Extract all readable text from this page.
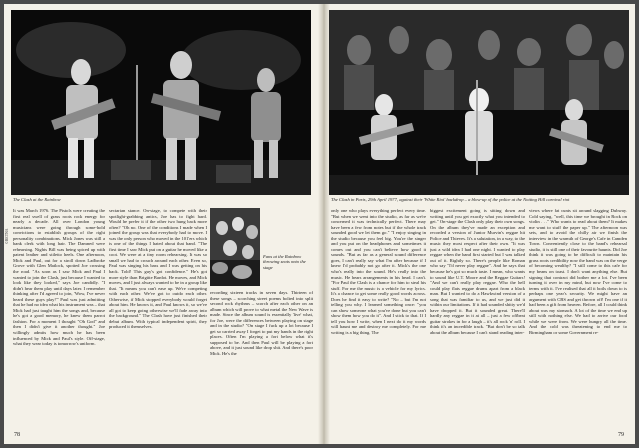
The Clash at the Rainbow
©RETNA
It was March 1976. The Pistols were creating the first real swell of grass roots rock energy for nearly a decade. All over London young musicians were going through some-hold convictions to establish groups of the right personality combinations. Mick Jones was still a bank clerk with long hair. The Damned were rehearsing. Nights Bill was being spiced up with patent leather and stiletto heels. One afternoon, Mick and Paul, out for a stroll down Ladbroke Grove with Glen Matlock, spotted Joe crossing the road. "As soon as I saw Mick and Paul I wanted to join the Clash, just because I wanted to look like they looked," says Joe candidly. "I didn't hear them play until days later. I remember thinking after I'd agreed to join, 'Wow, I've never heard these guys play!'" Paul was just admitting that he had no idea what his instrument was – that Mick had just taught him the songs and, because he's got a good memory, he knew them parrot fashion. For a moment I thought "Oh God" and then I didn't give it another thought." Joe willingly admits how much he has been influenced by Mick and Paul's style. Off-stage, what they wear today is tomorrow's uniform.
sectarian stance. On-stage, to compete with their spotlight-grabbing antics, Joe has to fight hard. Would he prefer it if the other two hung back more often? "Oh no. One of the conditions I made when I joined the group was that everybody had to move. I was the only person who moved in the 101'ers which is one of the things I hated about that band. "The first time I saw Mick put on a guitar he moved like a coot. We were at a tiny room rehearsing. It was so small we had to crouch around each other. Even so, Paul was singing his bass and I was getting on his back. Told! This guy's got confidence." He's got more style than Brigitte Bardot. He moves, and Mick moves, and I just always wanted to be in a group like that. "It means you can't ease up. We're competing with each other. We've got to outdo each other. Otherwise, if Mick stopped everybody would forget about him. He knows it, and Paul knows it, so we've all got to keep going otherwise we'll fade away into the background." The Clash have just finished their debut album. With typical independent spirit, they produced it themselves.
Fans at the Rainbow throwing seats onto the stage
recording sixteen tracks in seven days. Thirteen of these songs – scorching street poems bolted into split second rock rhythms – scorch after each other on an album which will prove to what metal the New Wave is made. Since the album sound is essentially 'live' what, for Joe, were the differences between playing on stage and in the studio? "On stage I fuck up a lot because I get so carried away I forget to put my hands in the right places. Often I'm playing a fort below what it's supposed to be. And then Paul will be playing a fort above, and it just sound like drop shit. And there's poor Mick. He's the
78
The Clash in Paris, 29th April 1977, against their 'White Riot' backdrop – a blow-up of the police at the Notting Hill carnival riot
only one who plays everything perfect every time. "But when we went into the studio, as far as we're concerned it was technically perfect. There may have been a few from notes but if the whole track sounded good we let them go." "I enjoy singing in the studio because you feel big. You're the singer and you put on the headphones and sometimes it comes out and you can't believe how good it sounds. "But as far as a general sound difference goes, I can't really say what I'm after because if I knew I'd probably not go after it. Mick's the one who's really into the sound. He's really into the music. He hears arrangements in his head. I can't. "For Paul the Clash is a chance for him to steal his stuff. For me the music is a vehicle for my lyrics. It's a chance to get some really good words across. Does he find it easy to write? "No – but I'm not telling you why. I learned something once: "you can show someone what you've done but you can't show them how you do it". And I stick to that. If I tell you how I write, when I next do it my words will haunt me and destroy me completely. For me writing is a big thing. The
biggest excitement going is sitting down and writing until you get exactly what you intended to get." On-stage the Clash only play their own songs. On the album they've made an exception and recorded a version of Junior Murvin's reggae hit Police and Thieves. It's a salutation, in a way, to the music they most respect after their own. "It was just a wild idea I had one night. I wanted to play reggae when the band first started but I was talked out of it. Rightly so. There's people like Roman who say "I'd never play reggae". And he says that because he's got so much taste. I mean, who wants to sound like U.T. Moore and the Reggae Guitars! "And we can't really play reggae. Who the hell could play flats reggae drums apart from a black man. But I wanted to do a Hawkwind version of a song that was familiar to us, and we just did it within our limitations. If it had sounded shitty we'd have dropped it. But it sounded great. There'll hardly any reggae in it at all – just a few offbeat guitar strokes in for a laugh – it's all rock 'n' roll. I think it's an incredible track. "But don't be so talk about the album because I can't stand reading inter-
views where fat cunts sit around slagging Dubway. Cold saying, "well, this time we brought in Rock on violin . . ." Who wants to read about them? It makes me want to stuff the paper up." The afternoon was sets, and to avoid the chilly air we finish the interview in the warmth of George's Cafe in Camden Town. Conveniently close to the band's rehearsal studio, it is still one of their favourite haunts. Did Joe think it was going to be difficult to maintain his grass roots credibility now the band was on the verge of becoming wealthy? "I still come to this cafe for my beans on toast. I don't want anything else. But signing that contract did bother me a lot. I've been turning it over in my mind, but now I've come to terms with it. I've realised that all it boils down to is perhaps one year's security. We might have an argument with CBS and get thrown off! I'm one if it had been a gift from heaven. Before, all I could think about was my stomach. A lot of the time we end up still with nothing else. We had to arrive our food while we were from. We were hungry all the time. And the cold was threatening to end me to Birmingham or some Government re-
79
